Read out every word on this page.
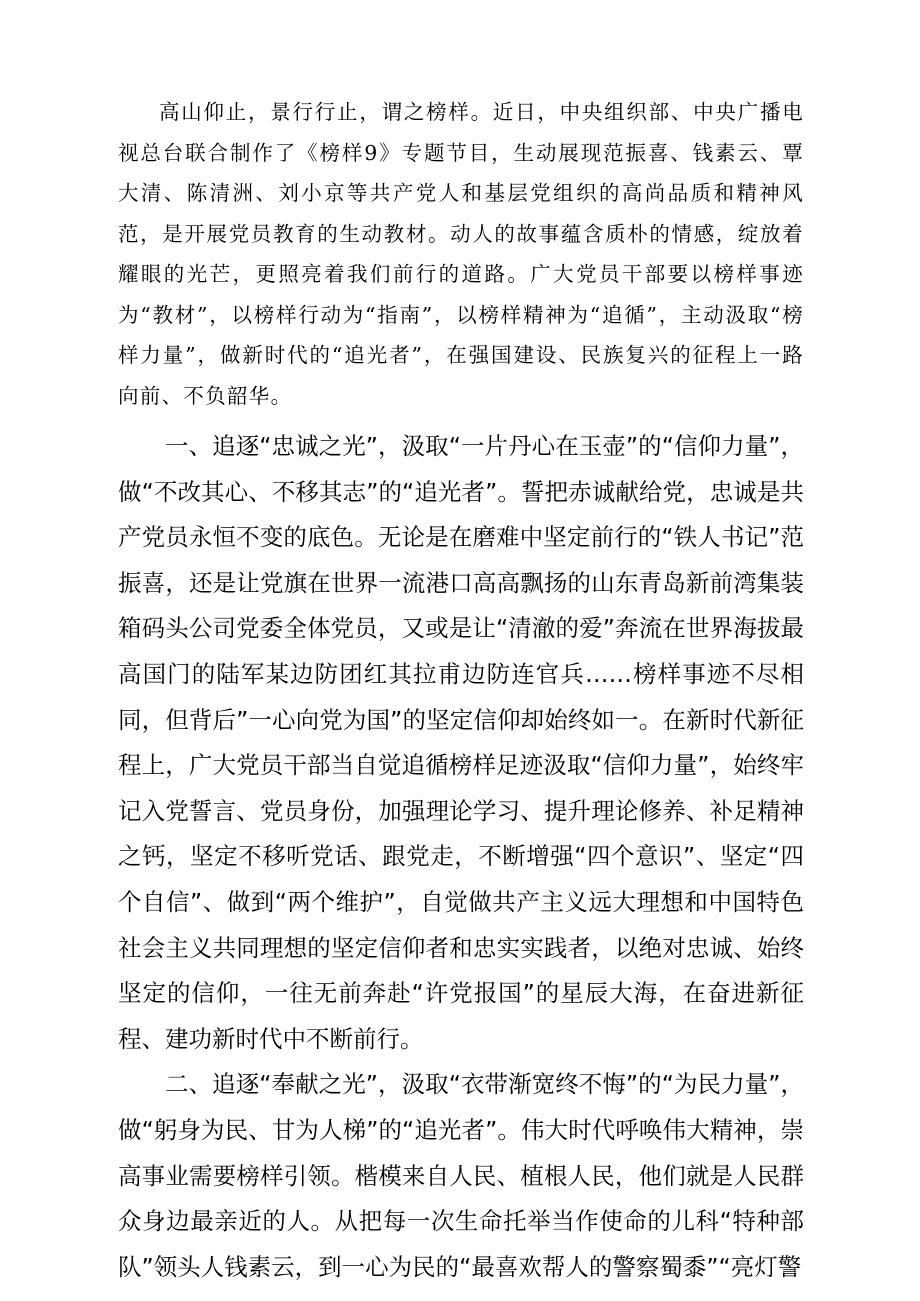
高山仰止，景行行止，谓之榜样。近日，中央组织部、中央广播电视总台联合制作了《榜样9》专题节目，生动展现范振喜、钱素云、覃大清、陈清洲、刘小京等共产党人和基层党组织的高尚品质和精神风范，是开展党员教育的生动教材。动人的故事蕴含质朴的情感，绽放着耀眼的光芒，更照亮着我们前行的道路。广大党员干部要以榜样事迹为“教材”，以榜样行动为“指南”，以榜样精神为“追循”，主动汲取“榜样力量”，做新时代的“追光者”，在强国建设、民族复兴的征程上一路向前、不负韶华。

一、追逐“忠诚之光”，汲取“一片丹心在玉壶”的“信仰力量”，做“不改其心、不移其志”的“追光者”。誓把赤诚献给党，忠诚是共产党员永恒不变的底色。无论是在磨难中坚定前行的“铁人书记”范振喜，还是让党旗在世界一流港口高高飘扬的山东青岛新前湾集装箱码头公司党委全体党员，又或是让“清澈的爱”奔流在世界海拔最高国门的陆军某边防团红其拉甫边防连官兵……榜样事迹不尽相同，但背后”一心向党为国”的坚定信仰却始终如一。在新时代新征程上，广大党员干部当自觉追循榜样足迹汲取“信仰力量”，始终牢记入党誓言、党员身份，加强理论学习、提升理论修养、补足精神之钙，坚定不移听党话、跟党走，不断增强“四个意识”、坚定“四个自信”、做到“两个维护”，自觉做共产主义远大理想和中国特色社会主义共同理想的坚定信仰者和忠实实践者，以绝对忠诚、始终坚定的信仰，一往无前奔赴“许党报国”的星辰大海，在奋进新征程、建功新时代中不断前行。

二、追逐“奉献之光”，汲取“衣带渐宽终不悔”的“为民力量”，做“躬身为民、甘为人梯”的“追光者”。伟大时代呼唤伟大精神，崇高事业需要榜样引领。楷模来自人民、植根人民，他们就是人民群众身边最亲近的人。从把每一次生命托举当作使命的儿科“特种部队”领头人钱素云，到一心为民的“最喜欢帮人的警察蜀黍”“亮灯警
